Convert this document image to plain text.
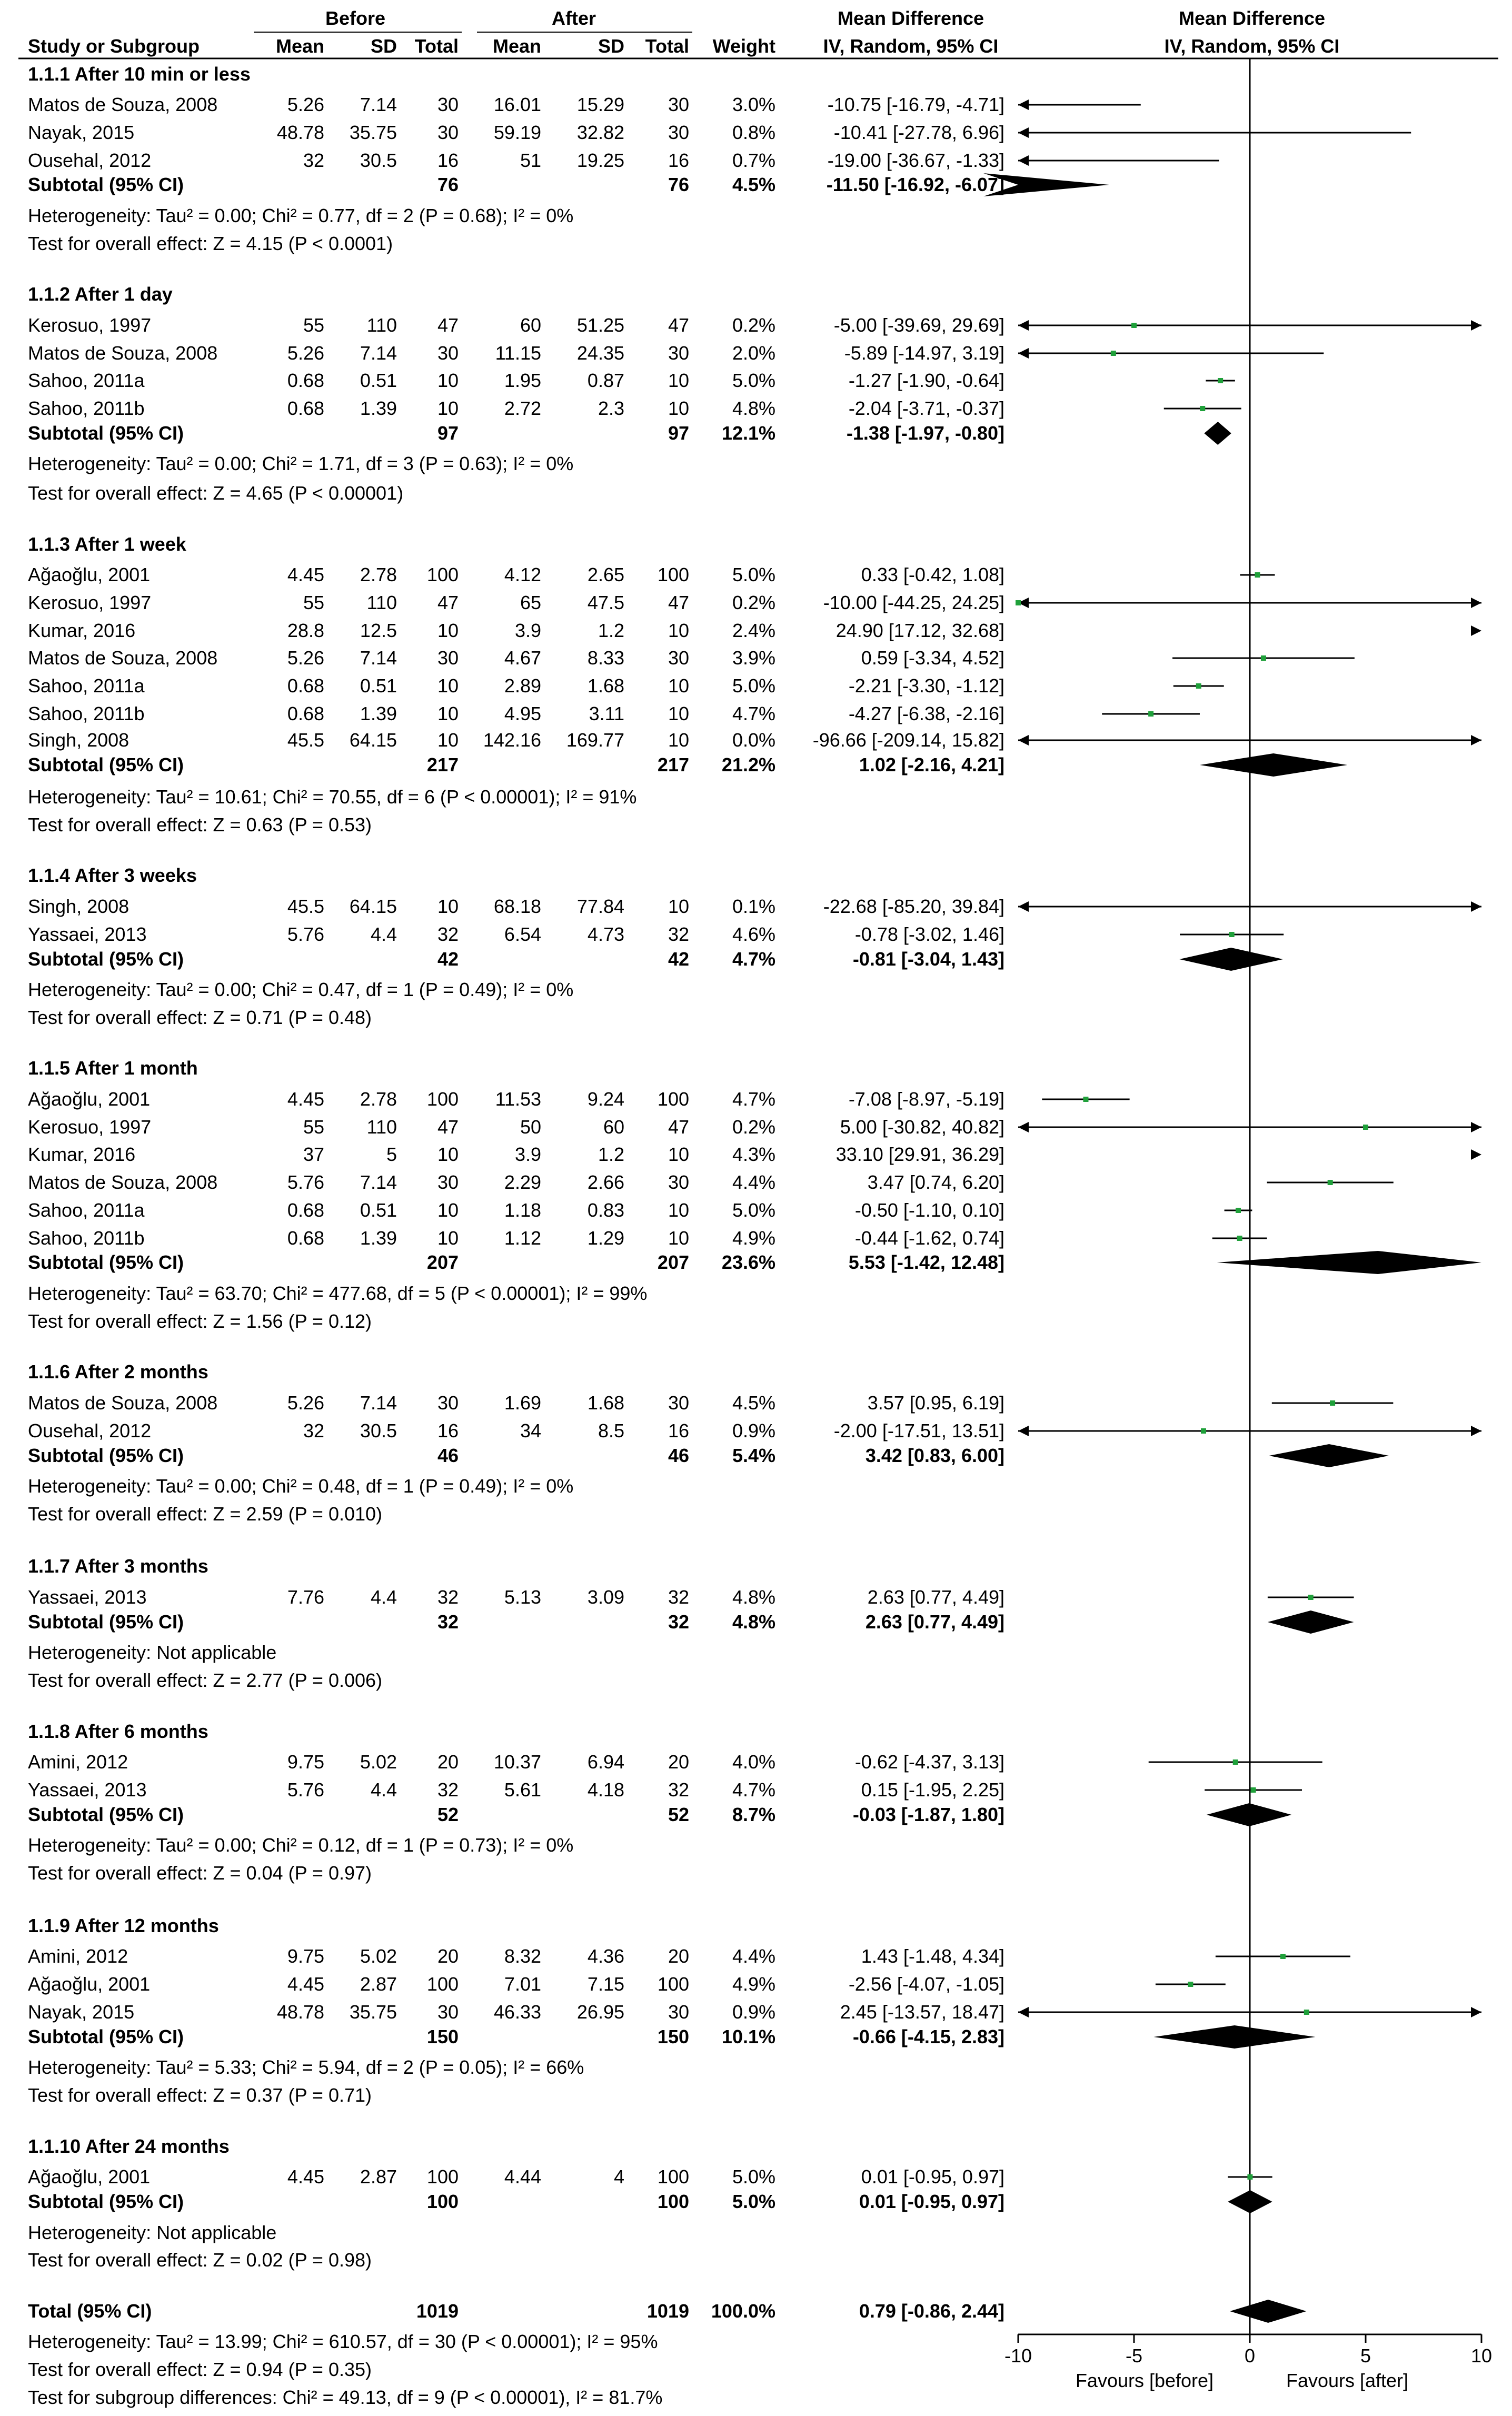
Before	After	Mean Difference	Mean Difference
Study or Subgroup	Mean SD Total Mean	SD Total Weight	IV, Random, 95% CI	IV, Random, 95% CI
1.1.1 After 10 min or less
Matos de Souza, 2008	5.26 7.14 30 16.01 15.29 30 3.0%	-10.75 [-16.79, -4.71]
Nayak, 2015	48.78 35.75 30 59.19 32.82 30 0.8%	-10.41 [-27.78, 6.96]
Ousehal, 2012	32 30.5 16	51 19.25 16 0.7%	-19.00 [-36.67, -1.33]
Subtotal (95% CI)	76	76 4.5%	-11.50 [-16.92, -6.07]
Heterogeneity: Tau² = 0.00; Chi² = 0.77, df = 2 (P = 0.68); I² = 0%
Test for overall effect: Z = 4.15 (P < 0.0001)
1.1.2 After 1 day
Kerosuo, 1997	55 110 47	60 51.25 47 0.2%	-5.00 [-39.69, 29.69]
Matos de Souza, 2008	5.26 7.14 30 11.15 24.35 30 2.0%	-5.89 [-14.97, 3.19]
Sahoo, 2011a	0.68 0.51 10 1.95 0.87 10 5.0%	-1.27 [-1.90, -0.64]
Sahoo, 2011b	0.68 1.39 10 2.72	2.3 10 4.8%	-2.04 [-3.71, -0.37]
Subtotal (95% CI)	97	97 12.1%	-1.38 [-1.97, -0.80]
Heterogeneity: Tau² = 0.00; Chi² = 1.71, df = 3 (P = 0.63); I² = 0%
Test for overall effect: Z = 4.65 (P < 0.00001)
1.1.3 After 1 week
Ağaoğlu, 2001	4.45 2.78 100 4.12 2.65 100 5.0%	0.33 [-0.42, 1.08]
Kerosuo, 1997	55 110 47	65 47.5 47 0.2%	-10.00 [-44.25, 24.25]
Kumar, 2016	28.8 12.5 10	3.9	1.2 10 2.4%	24.90 [17.12, 32.68]
Matos de Souza, 2008	5.26 7.14 30 4.67 8.33 30 3.9%	0.59 [-3.34, 4.52]
Sahoo, 2011a	0.68 0.51 10 2.89 1.68 10 5.0%	-2.21 [-3.30, -1.12]
Sahoo, 2011b	0.68 1.39 10 4.95	3.11 10 4.7%	-4.27 [-6.38, -2.16]
Singh, 2008	45.5 64.15 10 142.16 169.77 10 0.0% -96.66 [-209.14, 15.82]
Subtotal (95% CI)	217	217 21.2%	1.02 [-2.16, 4.21]
Heterogeneity: Tau² = 10.61; Chi² = 70.55, df = 6 (P < 0.00001); I² = 91%
Test for overall effect: Z = 0.63 (P = 0.53)
1.1.4 After 3 weeks
Singh, 2008	45.5 64.15 10 68.18 77.84 10 0.1%	-22.68 [-85.20, 39.84]
Yassaei, 2013	5.76 4.4 32 6.54 4.73 32 4.6%	-0.78 [-3.02, 1.46]
Subtotal (95% CI)	42	42 4.7%	-0.81 [-3.04, 1.43]
Heterogeneity: Tau² = 0.00; Chi² = 0.47, df = 1 (P = 0.49); I² = 0%
Test for overall effect: Z = 0.71 (P = 0.48)
1.1.5 After 1 month
Ağaoğlu, 2001	4.45 2.78 100 11.53 9.24 100 4.7%	-7.08 [-8.97, -5.19]
Kerosuo, 1997	55 110 47	50	60 47 0.2%	5.00 [-30.82, 40.82]
Kumar, 2016	37	5 10	3.9	1.2 10 4.3%	33.10 [29.91, 36.29]
Matos de Souza, 2008	5.76 7.14 30 2.29 2.66 30 4.4%	3.47 [0.74, 6.20]
Sahoo, 2011a	0.68 0.51 10 1.18 0.83 10 5.0%	-0.50 [-1.10, 0.10]
Sahoo, 2011b	0.68 1.39 10 1.12 1.29 10 4.9%	-0.44 [-1.62, 0.74]
Subtotal (95% CI)	207	207 23.6%	5.53 [-1.42, 12.48]
Heterogeneity: Tau² = 63.70; Chi² = 477.68, df = 5 (P < 0.00001); I² = 99%
Test for overall effect: Z = 1.56 (P = 0.12)
1.1.6 After 2 months
Matos de Souza, 2008	5.26 7.14 30 1.69 1.68 30 4.5%	3.57 [0.95, 6.19]
Ousehal, 2012	32 30.5 16	34	8.5 16 0.9%	-2.00 [-17.51, 13.51]
Subtotal (95% CI)	46	46 5.4%	3.42 [0.83, 6.00]
Heterogeneity: Tau² = 0.00; Chi² = 0.48, df = 1 (P = 0.49); I² = 0%
Test for overall effect: Z = 2.59 (P = 0.010)
1.1.7 After 3 months
Yassaei, 2013	7.76 4.4 32 5.13 3.09 32 4.8%	2.63 [0.77, 4.49]
Subtotal (95% CI)	32	32 4.8%	2.63 [0.77, 4.49]
Heterogeneity: Not applicable
Test for overall effect: Z = 2.77 (P = 0.006)
1.1.8 After 6 months
Amini, 2012	9.75 5.02 20 10.37 6.94 20 4.0%	-0.62 [-4.37, 3.13]
Yassaei, 2013	5.76 4.4 32 5.61 4.18 32 4.7%	0.15 [-1.95, 2.25]
Subtotal (95% CI)	52	52 8.7%	-0.03 [-1.87, 1.80]
Heterogeneity: Tau² = 0.00; Chi² = 0.12, df = 1 (P = 0.73); I² = 0%
Test for overall effect: Z = 0.04 (P = 0.97)
1.1.9 After 12 months
Amini, 2012	9.75 5.02 20 8.32 4.36 20 4.4%	1.43 [-1.48, 4.34]
Ağaoğlu, 2001	4.45 2.87 100 7.01 7.15 100 4.9%	-2.56 [-4.07, -1.05]
Nayak, 2015	48.78 35.75 30 46.33 26.95 30 0.9%	2.45 [-13.57, 18.47]
Subtotal (95% CI)	150	150 10.1%	-0.66 [-4.15, 2.83]
Heterogeneity: Tau² = 5.33; Chi² = 5.94, df = 2 (P = 0.05); I² = 66%
Test for overall effect: Z = 0.37 (P = 0.71)
1.1.10 After 24 months
Ağaoğlu, 2001	4.45 2.87 100 4.44	4 100 5.0%	0.01 [-0.95, 0.97]
Subtotal (95% CI)	100	100 5.0%	0.01 [-0.95, 0.97]
Heterogeneity: Not applicable
Test for overall effect: Z = 0.02 (P = 0.98)
Total (95% CI)	1019	1019 100.0%	0.79 [-0.86, 2.44]
Heterogeneity: Tau² = 13.99; Chi² = 610.57, df = 30 (P < 0.00001); I² = 95%
Test for overall effect: Z = 0.94 (P = 0.35)
Test for subgroup differences: Chi² = 49.13, df = 9 (P < 0.00001), I² = 81.7%
-10	-5	0	5	10
Favours [before]	Favours [after]
